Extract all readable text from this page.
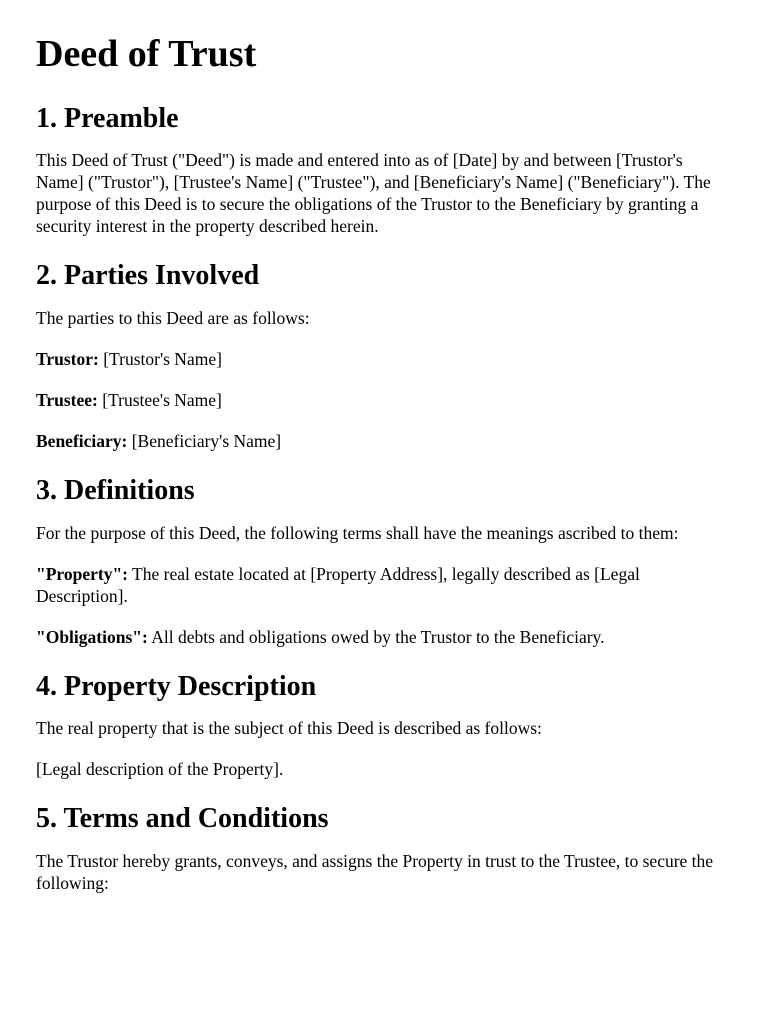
Deed of Trust
1. Preamble

This Deed of Trust ("Deed") is made and entered into as of [Date] by and between [Trustor's Name] ("Trustor"), [Trustee's Name] ("Trustee"), and [Beneficiary's Name] ("Beneficiary"). The purpose of this Deed is to secure the obligations of the Trustor to the Beneficiary by granting a security interest in the property described herein.

2. Parties Involved

The parties to this Deed are as follows:

Trustor: [Trustor's Name]

Trustee: [Trustee's Name]

Beneficiary: [Beneficiary's Name]

3. Definitions

For the purpose of this Deed, the following terms shall have the meanings ascribed to them:

"Property": The real estate located at [Property Address], legally described as [Legal Description].

"Obligations": All debts and obligations owed by the Trustor to the Beneficiary.

4. Property Description

The real property that is the subject of this Deed is described as follows:

[Legal description of the Property].

5. Terms and Conditions

The Trustor hereby grants, conveys, and assigns the Property in trust to the Trustee, to secure the following:
